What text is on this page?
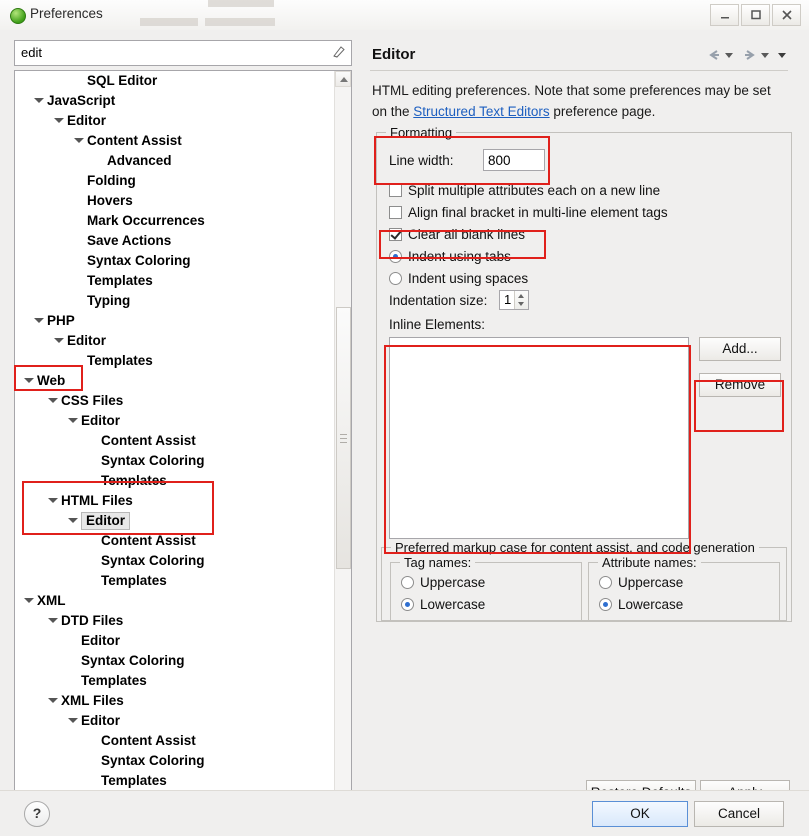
Preferences
edit
SQL Editor
JavaScript
Editor
Content Assist
Advanced
Folding
Hovers
Mark Occurrences
Save Actions
Syntax Coloring
Templates
Typing
PHP
Editor
Templates
Web
CSS Files
Editor
Content Assist
Syntax Coloring
Templates
HTML Files
Editor
Content Assist
Syntax Coloring
Templates
XML
DTD Files
Editor
Syntax Coloring
Templates
XML Files
Editor
Content Assist
Syntax Coloring
Templates
Editor
HTML editing preferences. Note that some preferences may be set on the Structured Text Editors preference page.
Formatting
Line width:
800
Split multiple attributes each on a new line
Align final bracket in multi-line element tags
Clear all blank lines
Indent using tabs
Indent using spaces
Indentation size: 1
Inline Elements:
Add...
Remove
Preferred markup case for content assist, and code generation
Tag names:
Uppercase
Lowercase
Attribute names:
Uppercase
Lowercase
?	OK	Cancel
